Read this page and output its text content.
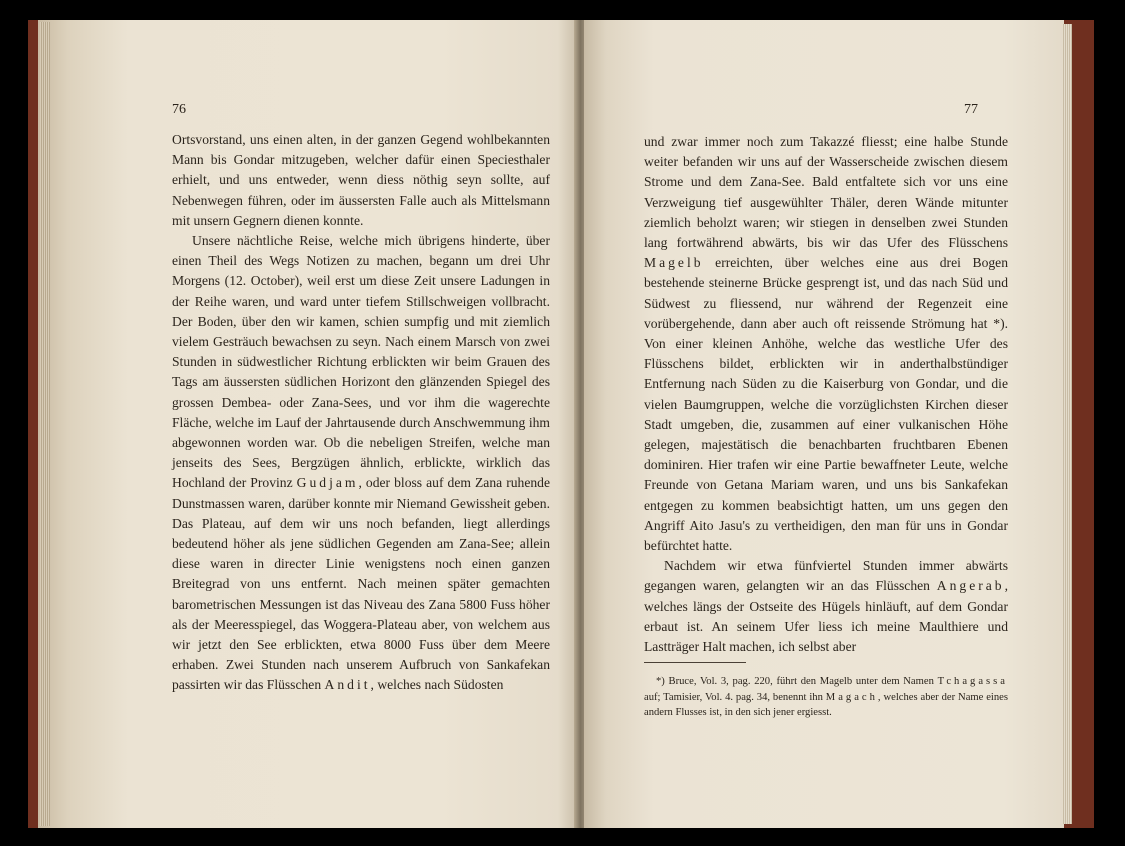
76

Ortsvorstand, uns einen alten, in der ganzen Gegend wohlbekannten Mann bis Gondar mitzugeben, welcher dafür einen Speciesthaler erhielt, und uns entweder, wenn diess nöthig seyn sollte, auf Nebenwegen führen, oder im äussersten Falle auch als Mittelsmann mit unsern Gegnern dienen konnte.

Unsere nächtliche Reise, welche mich übrigens hinderte, über einen Theil des Wegs Notizen zu machen, begann um drei Uhr Morgens (12. October), weil erst um diese Zeit unsere Ladungen in der Reihe waren, und ward unter tiefem Stillschweigen vollbracht. Der Boden, über den wir kamen, schien sumpfig und mit ziemlich vielem Gesträuch bewachsen zu seyn. Nach einem Marsch von zwei Stunden in südwestlicher Richtung erblickten wir beim Grauen des Tags am äussersten südlichen Horizont den glänzenden Spiegel des grossen Dembea- oder Zana-Sees, und vor ihm die wagerechte Fläche, welche im Lauf der Jahrtausende durch Anschwemmung ihm abgewonnen worden war. Ob die nebeligen Streifen, welche man jenseits des Sees, Bergzügen ähnlich, erblickte, wirklich das Hochland der Provinz Gudjam, oder bloss auf dem Zana ruhende Dunstmassen waren, darüber konnte mir Niemand Gewissheit geben. Das Plateau, auf dem wir uns noch befanden, liegt allerdings bedeutend höher als jene südlichen Gegenden am Zana-See; allein diese waren in directer Linie wenigstens noch einen ganzen Breitegrad von uns entfernt. Nach meinen später gemachten barometrischen Messungen ist das Niveau des Zana 5800 Fuss höher als der Meeresspiegel, das Woggera-Plateau aber, von welchem aus wir jetzt den See erblickten, etwa 8000 Fuss über dem Meere erhaben. Zwei Stunden nach unserem Aufbruch von Sankafekan passirten wir das Flüsschen Andit, welches nach Südosten

77

und zwar immer noch zum Takazzé fliesst; eine halbe Stunde weiter befanden wir uns auf der Wasserscheide zwischen diesem Strome und dem Zana-See. Bald entfaltete sich vor uns eine Verzweigung tief ausgewühlter Thäler, deren Wände mitunter ziemlich beholzt waren; wir stiegen in denselben zwei Stunden lang fortwährend abwärts, bis wir das Ufer des Flüsschens Magelb erreichten, über welches eine aus drei Bogen bestehende steinerne Brücke gesprengt ist, und das nach Süd und Südwest zu fliessend, nur während der Regenzeit eine vorübergehende, dann aber auch oft reissende Strömung hat *). Von einer kleinen Anhöhe, welche das westliche Ufer des Flüsschens bildet, erblickten wir in anderthalbstündiger Entfernung nach Süden zu die Kaiserburg von Gondar, und die vielen Baumgruppen, welche die vorzüglichsten Kirchen dieser Stadt umgeben, die, zusammen auf einer vulkanischen Höhe gelegen, majestätisch die benachbarten fruchtbaren Ebenen dominiren. Hier trafen wir eine Partie bewaffneter Leute, welche Freunde von Getana Mariam waren, und uns bis Sankafekan entgegen zu kommen beabsichtigt hatten, um uns gegen den Angriff Aito Jasu's zu vertheidigen, den man für uns in Gondar befürchtet hatte.

Nachdem wir etwa fünfviertel Stunden immer abwärts gegangen waren, gelangten wir an das Flüsschen Angerab, welches längs der Ostseite des Hügels hinläuft, auf dem Gondar erbaut ist. An seinem Ufer liess ich meine Maulthiere und Lastträger Halt machen, ich selbst aber

*) Bruce, Vol. 3, pag. 220, führt den Magelb unter dem Namen Tchagassa auf; Tamisier, Vol. 4. pag. 34, benennt ihn Magach, welches aber der Name eines andern Flusses ist, in den sich jener ergiesst.
